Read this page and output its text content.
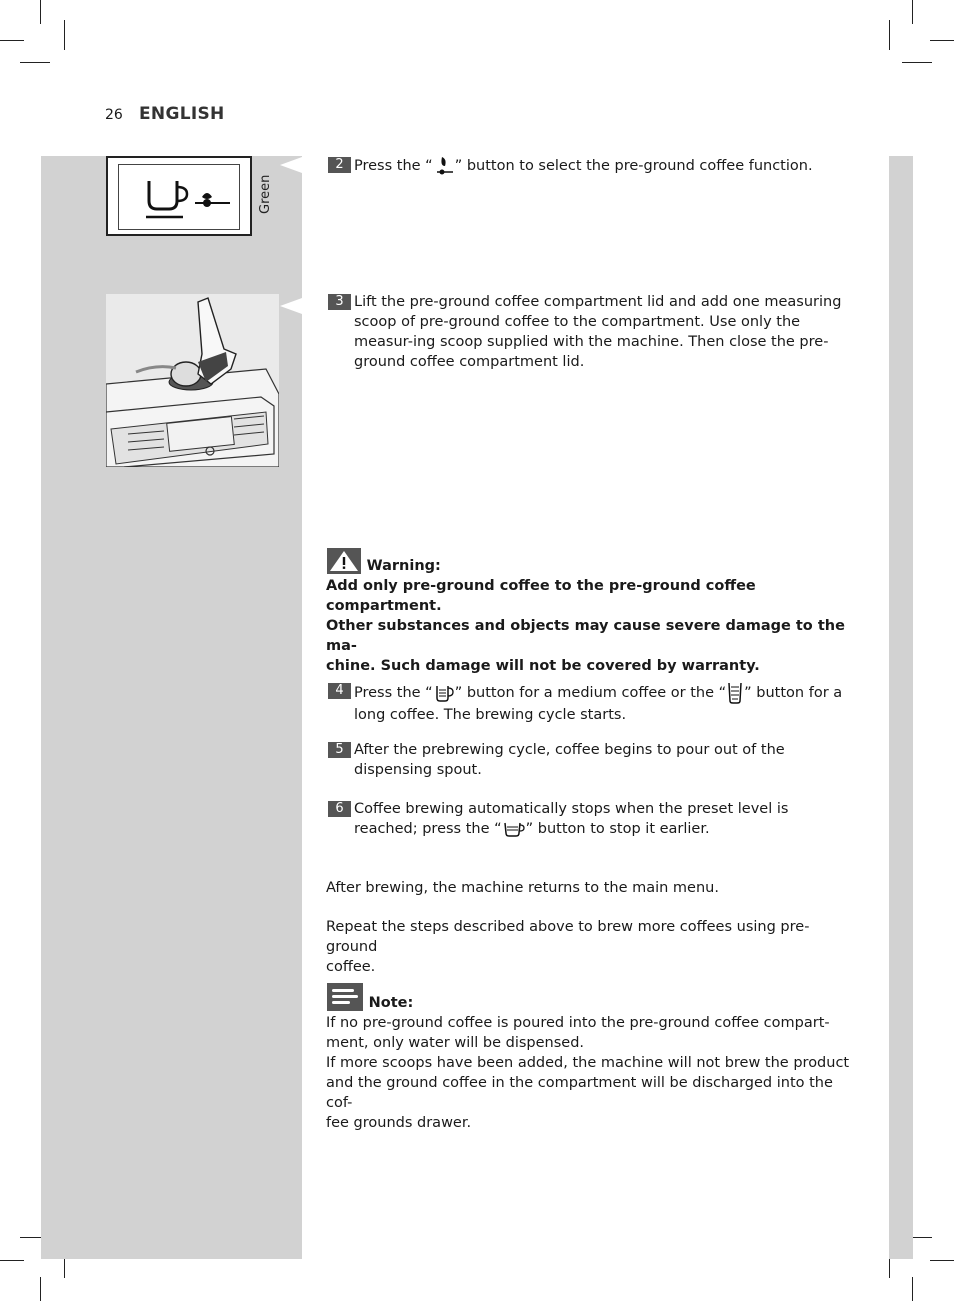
26 ENGLISH
Green
2 Press the “ ” button to select the pre-ground coffee function.
3 Lift the pre-ground coffee compartment lid and add one measuring scoop of pre-ground coffee to the compartment. Use only the measur-ing scoop supplied with the machine. Then close the pre-ground coffee compartment lid.
Warning:

Add only pre-ground coffee to the pre-ground coffee compartment.

Other substances and objects may cause severe damage to the ma-

chine. Such damage will not be covered by warranty.

4 Press the “ ” button for a medium coffee or the “ ” button for a long coffee. The brewing cycle starts.
5 After the prebrewing cycle, coffee begins to pour out of the dispensing spout.
6 Coffee brewing automatically stops when the preset level is reached; press the “ ” button to stop it earlier.

After brewing, the machine returns to the main menu.

Repeat the steps described above to brew more coffees using pre-ground

coffee.

Note:

If no pre-ground coffee is poured into the pre-ground coffee compart-

ment, only water will be dispensed.

If more scoops have been added, the machine will not brew the product

and the ground coffee in the compartment will be discharged into the cof-

fee grounds drawer.
